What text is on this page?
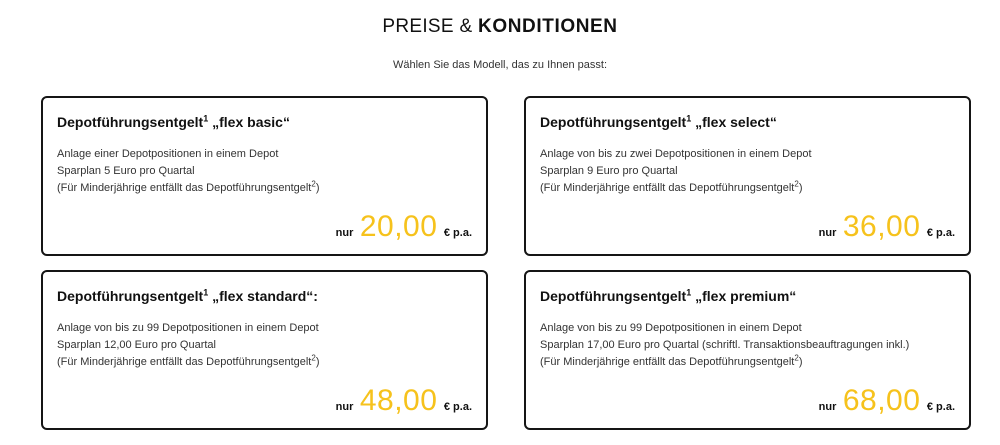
PREISE & KONDITIONEN
Wählen Sie das Modell, das zu Ihnen passt:
Depotführungsentgelt$^1$ „flex basic“
Anlage einer Depotpositionen in einem Depot
Sparplan 5 Euro pro Quartal
(Für Minderjährige entfällt das Depotführungsentgelt$^2$)
nur 20,00 € p.a.
Depotführungsentgelt$^1$ „flex select“
Anlage von bis zu zwei Depotpositionen in einem Depot
Sparplan 9 Euro pro Quartal
(Für Minderjährige entfällt das Depotführungsentgelt$^2$)
nur 36,00 € p.a.
Depotführungsentgelt$^1$ „flex standard“:
Anlage von bis zu 99 Depotpositionen in einem Depot
Sparplan 12,00 Euro pro Quartal
(Für Minderjährige entfällt das Depotführungsentgelt$^2$)
nur 48,00 € p.a.
Depotführungsentgelt$^1$ „flex premium“
Anlage von bis zu 99 Depotpositionen in einem Depot
Sparplan 17,00 Euro pro Quartal (schriftl. Transaktionsbeauftragungen inkl.)
(Für Minderjährige entfällt das Depotführungsentgelt$^2$)
nur 68,00 € p.a.
